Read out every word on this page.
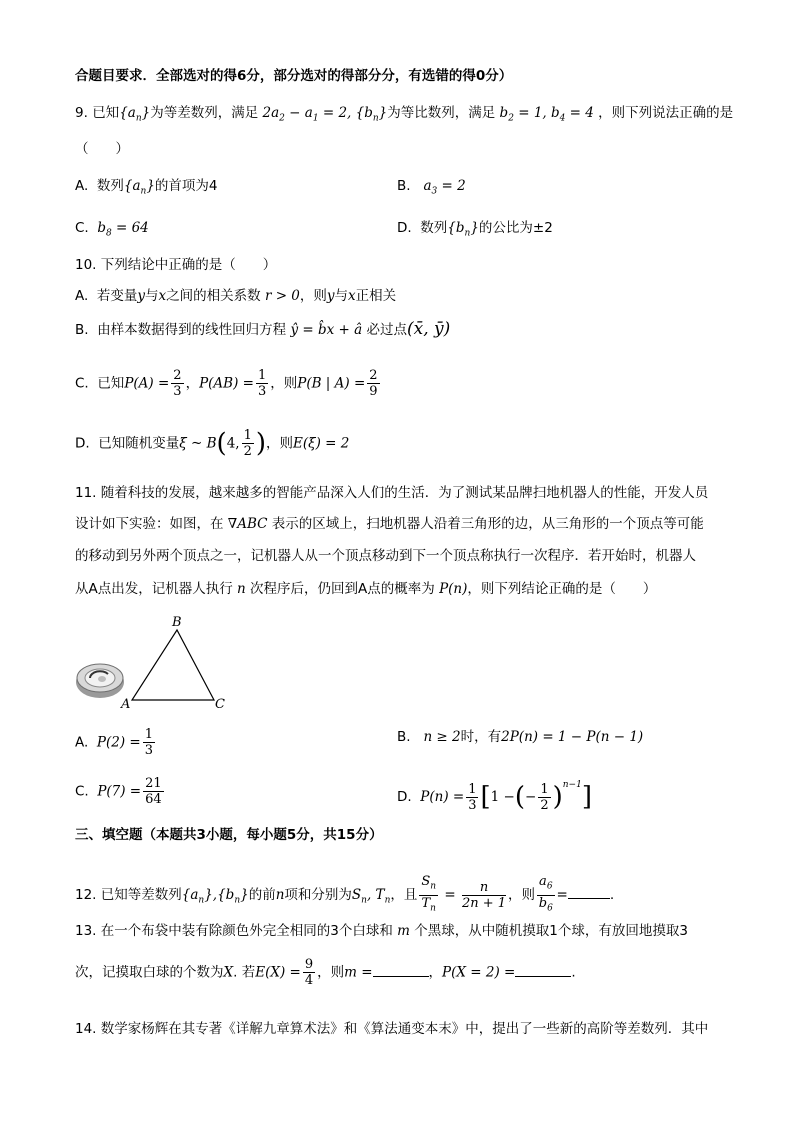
合题目要求．全部选对的得6分，部分选对的得部分分，有选错的得0分）
9. 已知$\{a_n\}$为等差数列，满足 $2a_2 - a_1 = 2$, $\{b_n\}$为等比数列，满足 $b_2 = 1$, $b_4 = 4$ ，则下列说法正确的是
（　　）
A. 数列$\{a_n\}$的首项为4	B. $a_3 = 2$
C. $b_8 = 64$	D. 数列$\{b_n\}$的公比为±2
10. 下列结论中正确的是（　　）
A. 若变量y与x之间的相关系数 r > 0，则y与x正相关
B. 由样本数据得到的线性回归方程 ŷ = b̂x + â 必过点(x̄, ȳ)
C. 已知$P(A) = \frac{2}{3}$ ，$P(AB) = \frac{1}{3}$ ，则P(B | $A) = \frac{2}{9}$
D. 已知随机变量ξ ~ B(4, $\frac{1}{2}$ )，则E(ξ) = 2
11. 随着科技的发展，越来越多的智能产品深入人们的生活．为了测试某品牌扫地机器人的性能，开发人员
设计如下实验：如图，在 ∇ABC 表示的区域上，扫地机器人沿着三角形的边，从三角形的一个顶点等可能
的移动到另外两个顶点之一，记机器人从一个顶点移动到下一个顶点称执行一次程序．若开始时，机器人
从A点出发，记机器人执行 n 次程序后，仍回到A点的概率为 P(n)，则下列结论正确的是（　　）
B
A	C
A. $P(2) = \frac{1}{3}$	B. n ≥ 2时，有2P(n) = 1 − P(n − 1)
C. $P(7) = \frac{21}{64}$	D. $P(n) = \frac{1}{3} [1$ −(− $\frac{1}{2} )^{n-1}$]
三、填空题（本题共3小题，每小题5分，共15分）
12. 已知等差数列$\{a_n\},\{b_n\}$的前n项和分别为$S_n$, $T_n$，且 $\frac{S_n}{T_n} = \frac{n}{2n + 1}$ ，则 $\frac{a_6}{b_6}$ =	.
13. 在一个布袋中装有除颜色外完全相同的3个白球和 m 个黑球，从中随机摸取1个球，有放回地摸取3
次，记摸取白球的个数为X. 若$E(X) = \frac{9}{4}$ ，则m =	，P(X = 2) =	.
14. 数学家杨辉在其专著《详解九章算术法》和《算法通变本末》中，提出了一些新的高阶等差数列．其中
